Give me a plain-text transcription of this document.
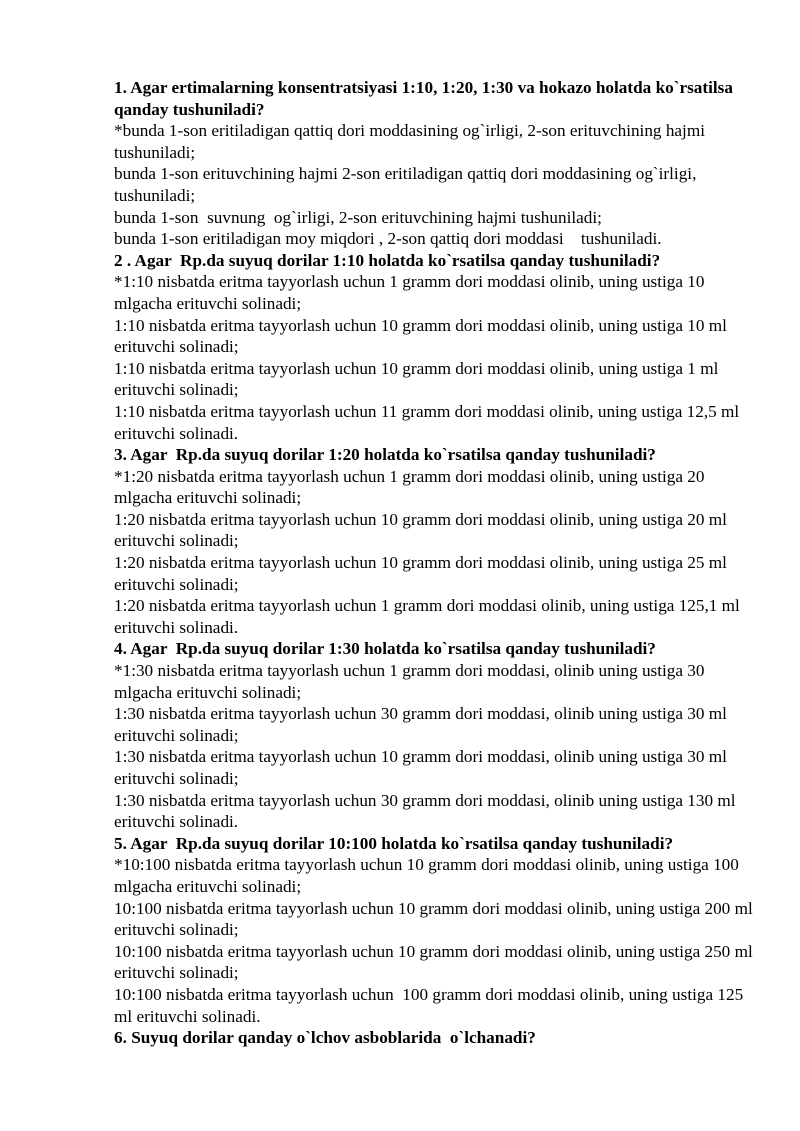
1. Agar ertimalarning konsentratsiyasi 1:10, 1:20, 1:30 va hokazo holatda ko`rsatilsa qanday tushuniladi?

*bunda 1-son eritiladigan qattiq dori moddasining og`irligi, 2-son erituvchining hajmi tushuniladi;

bunda 1-son erituvchining hajmi 2-son eritiladigan qattiq dori moddasining og`irligi, tushuniladi;

bunda 1-son  suvnung  og`irligi, 2-son erituvchining hajmi tushuniladi;

bunda 1-son eritiladigan moy miqdori , 2-son qattiq dori moddasi    tushuniladi.

2 . Agar  Rp.da suyuq dorilar 1:10 holatda ko`rsatilsa qanday tushuniladi?

*1:10 nisbatda eritma tayyorlash uchun 1 gramm dori moddasi olinib, uning ustiga 10 mlgacha erituvchi solinadi;

1:10 nisbatda eritma tayyorlash uchun 10 gramm dori moddasi olinib, uning ustiga 10 ml erituvchi solinadi;

1:10 nisbatda eritma tayyorlash uchun 10 gramm dori moddasi olinib, uning ustiga 1 ml erituvchi solinadi;

1:10 nisbatda eritma tayyorlash uchun 11 gramm dori moddasi olinib, uning ustiga 12,5 ml erituvchi solinadi.

3. Agar  Rp.da suyuq dorilar 1:20 holatda ko`rsatilsa qanday tushuniladi?

*1:20 nisbatda eritma tayyorlash uchun 1 gramm dori moddasi olinib, uning ustiga 20 mlgacha erituvchi solinadi;

1:20 nisbatda eritma tayyorlash uchun 10 gramm dori moddasi olinib, uning ustiga 20 ml erituvchi solinadi;

1:20 nisbatda eritma tayyorlash uchun 10 gramm dori moddasi olinib, uning ustiga 25 ml erituvchi solinadi;

1:20 nisbatda eritma tayyorlash uchun 1 gramm dori moddasi olinib, uning ustiga 125,1 ml erituvchi solinadi.

4. Agar  Rp.da suyuq dorilar 1:30 holatda ko`rsatilsa qanday tushuniladi?

*1:30 nisbatda eritma tayyorlash uchun 1 gramm dori moddasi, olinib uning ustiga 30 mlgacha erituvchi solinadi;

1:30 nisbatda eritma tayyorlash uchun 30 gramm dori moddasi, olinib uning ustiga 30 ml erituvchi solinadi;

1:30 nisbatda eritma tayyorlash uchun 10 gramm dori moddasi, olinib uning ustiga 30 ml erituvchi solinadi;

1:30 nisbatda eritma tayyorlash uchun 30 gramm dori moddasi, olinib uning ustiga 130 ml erituvchi solinadi.

5. Agar  Rp.da suyuq dorilar 10:100 holatda ko`rsatilsa qanday tushuniladi?

*10:100 nisbatda eritma tayyorlash uchun 10 gramm dori moddasi olinib, uning ustiga 100 mlgacha erituvchi solinadi;

10:100 nisbatda eritma tayyorlash uchun 10 gramm dori moddasi olinib, uning ustiga 200 ml erituvchi solinadi;

10:100 nisbatda eritma tayyorlash uchun 10 gramm dori moddasi olinib, uning ustiga 250 ml erituvchi solinadi;

10:100 nisbatda eritma tayyorlash uchun  100 gramm dori moddasi olinib, uning ustiga 125  ml erituvchi solinadi.

6. Suyuq dorilar qanday o`lchov asboblarida  o`lchanadi?
